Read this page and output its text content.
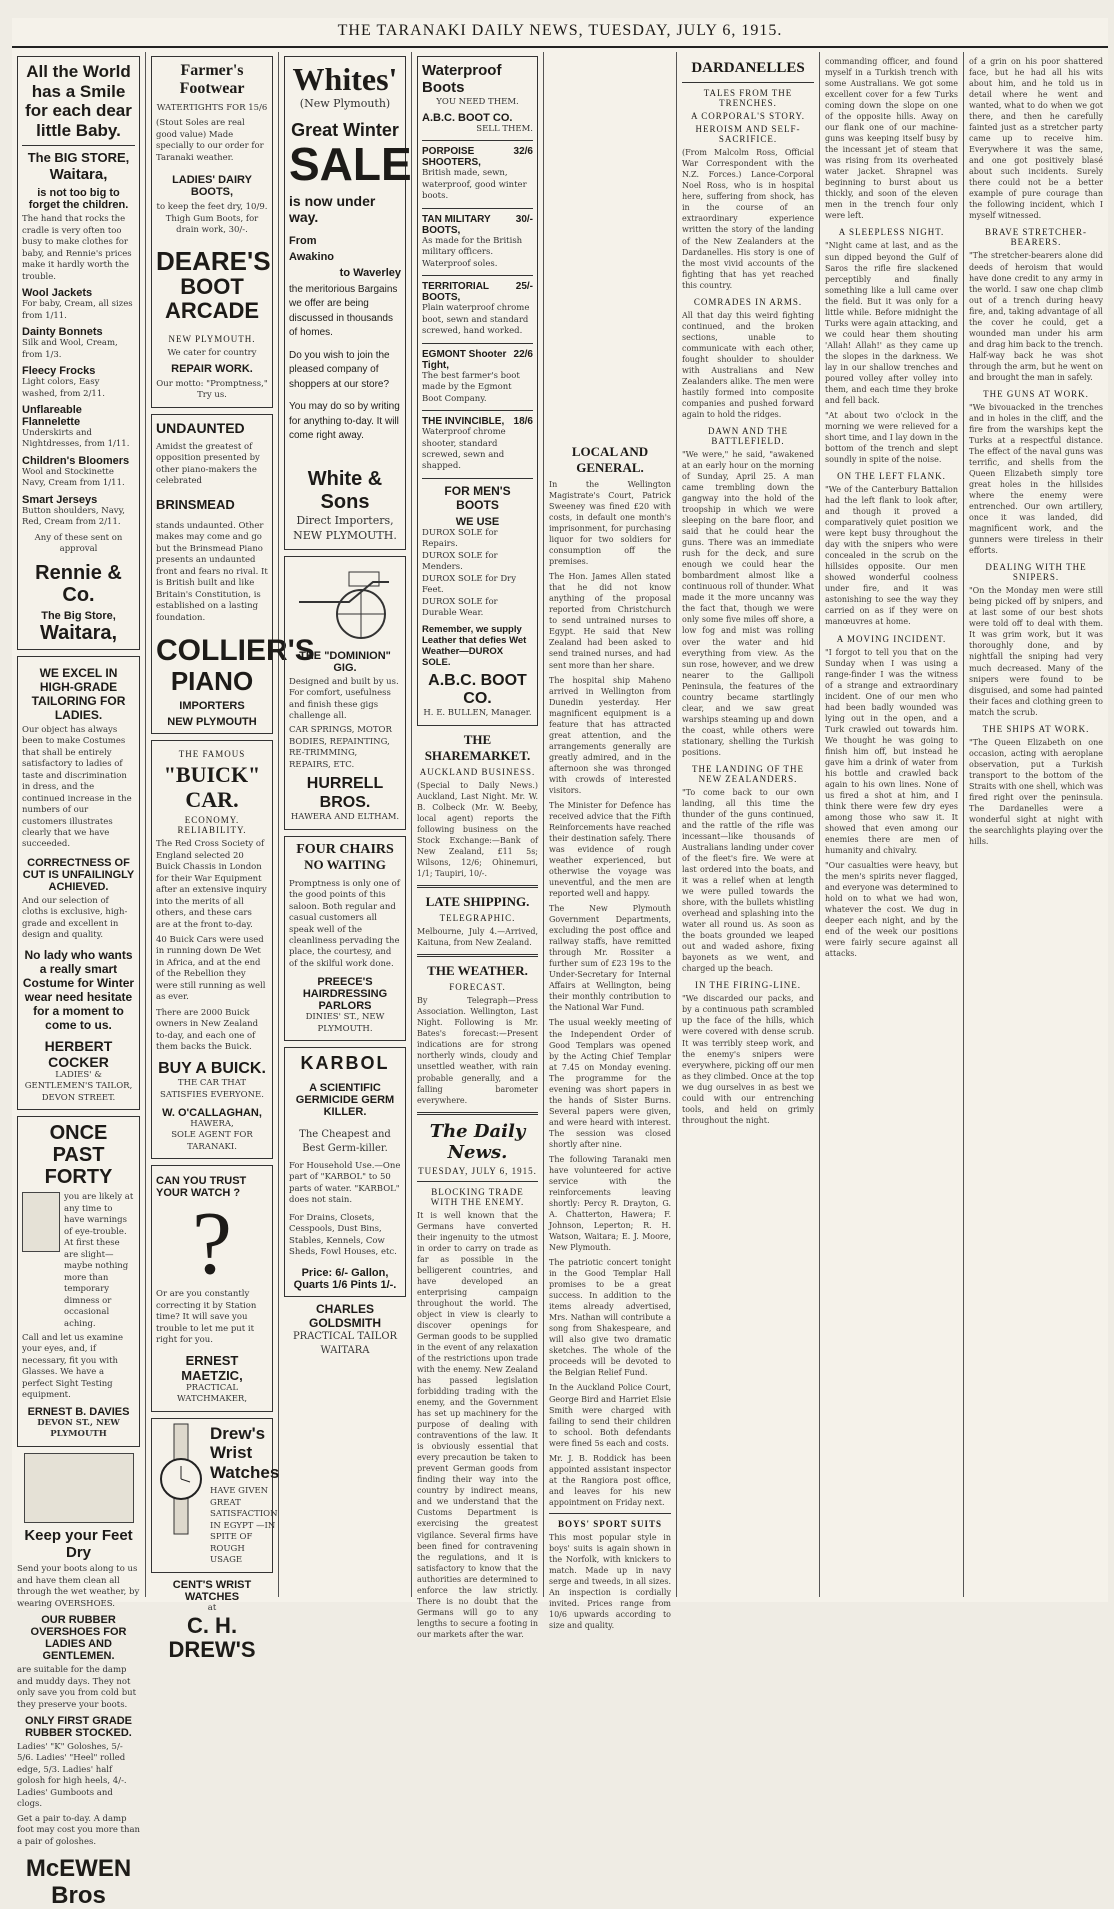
THE TARANAKI DAILY NEWS, TUESDAY, JULY 6, 1915.
All the World has a Smile for each dear little Baby.
The BIG STORE,
Waitara,
is not too big to forget the children.
The hand that rocks the cradle is very often too busy to make clothes for baby, and Rennie's prices make it hardly worth the trouble.
Wool Jackets
For baby, Cream, all sizes from 1/11.
Dainty Bonnets
Silk and Wool, Cream, from 1/3.
Fleecy Frocks
Light colors, Easy washed, from 2/11.
Unflareable Flannelette
Underskirts and Nightdresses, from 1/11.
Children's Bloomers
Wool and Stockinette Navy, Cream from 1/11.
Smart Jerseys
Button shoulders, Navy, Red, Cream from 2/11.
Any of these sent on approval
Rennie & Co.
The Big Store,
Waitara,
WE EXCEL IN HIGH-GRADE TAILORING FOR LADIES.
Our object has always been to make Costumes that shall be entirely satisfactory to ladies of taste and discrimination in dress, and the continued increase in the numbers of our customers illustrates clearly that we have succeeded.
CORRECTNESS OF CUT IS UNFAILINGLY ACHIEVED.
And our selection of cloths is exclusive, high-grade and excellent in design and quality.
No lady who wants a really smart Costume for Winter wear need hesitate for a moment to come to us.
HERBERT COCKER
LADIES' & GENTLEMEN'S TAILOR, DEVON STREET.
ONCE PAST FORTY
you are likely at any time to have warnings of eye-trouble. At first these are slight—maybe nothing more than temporary dimness or occasional aching.
Call and let us examine your eyes, and, if necessary, fit you with Glasses. We have a perfect Sight Testing equipment.
ERNEST B. DAVIES
DEVON ST., NEW PLYMOUTH
Keep your Feet Dry
Send your boots along to us and have them clean all through the wet weather, by wearing OVERSHOES.
OUR RUBBER OVERSHOES FOR LADIES AND GENTLEMEN.
are suitable for the damp and muddy days. They not only save you from cold but they preserve your boots.
ONLY FIRST GRADE RUBBER STOCKED.
Ladies' "K" Goloshes, 5/- 5/6. Ladies' "Heel" rolled edge, 5/3. Ladies' half golosh for high heels, 4/-. Ladies' Gumboots and clogs.
Get a pair to-day. A damp foot may cost you more than a pair of goloshes.
McEWEN Bros
Farmer's Footwear
WATERTIGHTS FOR 15/6
(Stout Soles are real good value) Made specially to our order for Taranaki weather.
LADIES' DAIRY BOOTS,
to keep the feet dry, 10/9. Thigh Gum Boots, for drain work, 30/-.
DEARE'S
BOOT ARCADE
NEW PLYMOUTH.
We cater for country
REPAIR WORK.
Our motto: "Promptness," Try us.
UNDAUNTED
Amidst the greatest of opposition presented by other piano-makers the celebrated
BRINSMEAD
stands undaunted. Other makes may come and go but the Brinsmead Piano presents an undaunted front and fears no rival. It is British built and like Britain's Constitution, is established on a lasting foundation.
COLLIER'S
PIANO
IMPORTERS
NEW PLYMOUTH
THE FAMOUS
"BUICK" CAR.
ECONOMY. RELIABILITY.
The Red Cross Society of England selected 20 Buick Chassis in London for their War Equipment after an extensive inquiry into the merits of all others, and these cars are at the front to-day.
40 Buick Cars were used in running down De Wet in Africa, and at the end of the Rebellion they were still running as well as ever.
There are 2000 Buick owners in New Zealand to-day, and each one of them backs the Buick.
BUY A BUICK.
THE CAR THAT SATISFIES EVERYONE.
W. O'CALLAGHAN,
HAWERA,
SOLE AGENT FOR TARANAKI.
CAN YOU TRUST YOUR WATCH ?
?
Or are you constantly correcting it by Station time? It will save you trouble to let me put it right for you.
ERNEST MAETZIC,
PRACTICAL WATCHMAKER,
Drew's Wrist Watches
HAVE GIVEN GREAT SATISFACTION IN EGYPT —IN SPITE OF ROUGH USAGE
CENT'S WRIST WATCHES
at
C. H. DREW'S
Whites'
(New Plymouth)
Great Winter
SALE
is now under way.
From
Awakino
to Waverley
the meritorious Bargains we offer are being discussed in thousands of homes.
Do you wish to join the pleased company of shoppers at our store?
You may do so by writing for anything to-day. It will come right away.
White & Sons
Direct Importers,
NEW PLYMOUTH.
THE "DOMINION" GIG.
Designed and built by us. For comfort, usefulness and finish these gigs challenge all.
CAR SPRINGS, MOTOR BODIES, REPAINTING, RE-TRIMMING, REPAIRS, ETC.
HURRELL BROS.
HAWERA AND ELTHAM.
FOUR CHAIRS
NO WAITING
Promptness is only one of the good points of this saloon. Both regular and casual customers all speak well of the cleanliness pervading the place, the courtesy, and of the skilful work done.
PREECE'S HAIRDRESSING PARLORS
DINIES' ST., NEW PLYMOUTH.
KARBOL
A SCIENTIFIC GERMICIDE GERM KILLER.
The Cheapest and Best Germ-killer.
For Household Use.—One part of "KARBOL" to 50 parts of water. "KARBOL" does not stain.
For Drains, Closets, Cesspools, Dust Bins, Stables, Kennels, Cow Sheds, Fowl Houses, etc.
Price: 6/- Gallon, Quarts 1/6 Pints 1/-.
CHARLES GOLDSMITH
PRACTICAL TAILOR
WAITARA
Waterproof Boots
YOU NEED THEM.
A.B.C. BOOT CO.
SELL THEM.
PORPOISE SHOOTERS,
32/6
British made, sewn, waterproof, good winter boots.
TAN MILITARY BOOTS,
30/-
As made for the British military officers. Waterproof soles.
TERRITORIAL BOOTS,
25/-
Plain waterproof chrome boot, sewn and standard screwed, hand worked.
EGMONT Shooter Tight,
22/6
The best farmer's boot made by the Egmont Boot Company.
THE INVINCIBLE, 18/6
Waterproof chrome shooter, standard screwed, sewn and shapped.
FOR MEN'S BOOTS
WE USE
DUROX SOLE for Repairs.
DUROX SOLE for Menders.
DUROX SOLE for Dry Feet.
DUROX SOLE for Durable Wear.
Remember, we supply Leather that defies Wet Weather—DUROX SOLE.
A.B.C. BOOT CO.
H. E. BULLEN, Manager.
THE SHAREMARKET.
AUCKLAND BUSINESS.
(Special to Daily News.) Auckland, Last Night. Mr. W. B. Colbeck (Mr. W. Beeby, local agent) reports the following business on the Stock Exchange:—Bank of New Zealand, £11 5s; Wilsons, 12/6; Ohinemuri, 1/1; Taupiri, 10/-.
LATE SHIPPING.
TELEGRAPHIC.
Melbourne, July 4.—Arrived, Kaituna, from New Zealand.
THE WEATHER.
FORECAST.
By Telegraph—Press Association. Wellington, Last Night. Following is Mr. Bates's forecast:—Present indications are for strong northerly winds, cloudy and unsettled weather, with rain probable generally, and a falling barometer everywhere.
The Daily News.
TUESDAY, JULY 6, 1915.
BLOCKING TRADE WITH THE ENEMY.
It is well known that the Germans have converted their ingenuity to the utmost in order to carry on trade as far as possible in the belligerent countries, and have developed an enterprising campaign throughout the world. The object in view is clearly to discover openings for German goods to be supplied in the event of any relaxation of the restrictions upon trade with the enemy. New Zealand has passed legislation forbidding trading with the enemy, and the Government has set up machinery for the purpose of dealing with contraventions of the law. It is obviously essential that every precaution be taken to prevent German goods from finding their way into the country by indirect means, and we understand that the Customs Department is exercising the greatest vigilance. Several firms have been fined for contravening the regulations, and it is satisfactory to know that the authorities are determined to enforce the law strictly. There is no doubt that the Germans will go to any lengths to secure a footing in our markets after the war.
LOCAL AND GENERAL.
In the Wellington Magistrate's Court, Patrick Sweeney was fined £20 with costs, in default one month's imprisonment, for purchasing liquor for two soldiers for consumption off the premises.
The Hon. James Allen stated that he did not know anything of the proposal reported from Christchurch to send untrained nurses to Egypt. He said that New Zealand had been asked to send trained nurses, and had sent more than her share.
The hospital ship Maheno arrived in Wellington from Dunedin yesterday. Her magnificent equipment is a feature that has attracted great attention, and the arrangements generally are greatly admired, and in the afternoon she was thronged with crowds of interested visitors.
The Minister for Defence has received advice that the Fifth Reinforcements have reached their destination safely. There was evidence of rough weather experienced, but otherwise the voyage was uneventful, and the men are reported well and happy.
The New Plymouth Government Departments, excluding the post office and railway staffs, have remitted through Mr. Rossiter a further sum of £23 19s to the Under-Secretary for Internal Affairs at Wellington, being their monthly contribution to the National War Fund.
The usual weekly meeting of the Independent Order of Good Templars was opened by the Acting Chief Templar at 7.45 on Monday evening. The programme for the evening was short papers in the hands of Sister Burns. Several papers were given, and were heard with interest. The session was closed shortly after nine.
The following Taranaki men have volunteered for active service with the reinforcements leaving shortly: Percy R. Drayton, G. A. Chatterton, Hawera; F. Johnson, Leperton; R. H. Watson, Waitara; E. J. Moore, New Plymouth.
The patriotic concert tonight in the Good Templar Hall promises to be a great success. In addition to the items already advertised, Mrs. Nathan will contribute a song from Shakespeare, and will also give two dramatic sketches. The whole of the proceeds will be devoted to the Belgian Relief Fund.
In the Auckland Police Court, George Bird and Harriet Elsie Smith were charged with failing to send their children to school. Both defendants were fined 5s each and costs.
Mr. J. B. Roddick has been appointed assistant inspector at the Rangiora post office, and leaves for his new appointment on Friday next.
BOYS' SPORT SUITS
This most popular style in boys' suits is again shown in the Norfolk, with knickers to match. Made up in navy serge and tweeds, in all sizes. An inspection is cordially invited. Prices range from 10/6 upwards according to size and quality.
DARDANELLES
TALES FROM THE TRENCHES.
A CORPORAL'S STORY.
HEROISM AND SELF-SACRIFICE.
(From Malcolm Ross, Official War Correspondent with the N.Z. Forces.) Lance-Corporal Noel Ross, who is in hospital here, suffering from shock, has in the course of an extraordinary experience written the story of the landing of the New Zealanders at the Dardanelles. His story is one of the most vivid accounts of the fighting that has yet reached this country.
COMRADES IN ARMS.
All that day this weird fighting continued, and the broken sections, unable to communicate with each other, fought shoulder to shoulder with Australians and New Zealanders alike. The men were hastily formed into composite companies and pushed forward again to hold the ridges.
DAWN AND THE BATTLEFIELD.
"We were," he said, "awakened at an early hour on the morning of Sunday, April 25. A man came trembling down the gangway into the hold of the troopship in which we were sleeping on the bare floor, and said that he could hear the guns. There was an immediate rush for the deck, and sure enough we could hear the bombardment almost like a continuous roll of thunder. What made it the more uncanny was the fact that, though we were only some five miles off shore, a low fog and mist was rolling over the water and hid everything from view. As the sun rose, however, and we drew nearer to the Gallipoli Peninsula, the features of the country became startlingly clear, and we saw great warships steaming up and down the coast, while others were stationary, shelling the Turkish positions.
THE LANDING OF THE NEW ZEALANDERS.
"To come back to our own landing, all this time the thunder of the guns continued, and the rattle of the rifle was incessant—like thousands of Australians landing under cover of the fleet's fire. We were at last ordered into the boats, and it was a relief when at length we were pulled towards the shore, with the bullets whistling overhead and splashing into the water all round us. As soon as the boats grounded we leaped out and waded ashore, fixing bayonets as we went, and charged up the beach.
IN THE FIRING-LINE.
"We discarded our packs, and by a continuous path scrambled up the face of the hills, which were covered with dense scrub. It was terribly steep work, and the enemy's snipers were everywhere, picking off our men as they climbed. Once at the top we dug ourselves in as best we could with our entrenching tools, and held on grimly throughout the night.
commanding officer, and found myself in a Turkish trench with some Australians. We got some excellent cover for a few Turks coming down the slope on one of the opposite hills. Away on our flank one of our machine-guns was keeping itself busy by the incessant jet of steam that was rising from its overheated water jacket. Shrapnel was beginning to burst about us thickly, and soon of the eleven men in the trench four only were left.
A SLEEPLESS NIGHT.
"Night came at last, and as the sun dipped beyond the Gulf of Saros the rifle fire slackened perceptibly and finally something like a lull came over the field. But it was only for a little while. Before midnight the Turks were again attacking, and we could hear them shouting 'Allah! Allah!' as they came up the slopes in the darkness. We lay in our shallow trenches and poured volley after volley into them, and each time they broke and fell back.
"At about two o'clock in the morning we were relieved for a short time, and I lay down in the bottom of the trench and slept soundly in spite of the noise.
ON THE LEFT FLANK.
"We of the Canterbury Battalion had the left flank to look after, and though it proved a comparatively quiet position we were kept busy throughout the day with the snipers who were concealed in the scrub on the hillsides opposite. Our men showed wonderful coolness under fire, and it was astonishing to see the way they carried on as if they were on manœuvres at home.
A MOVING INCIDENT.
"I forgot to tell you that on the Sunday when I was using a range-finder I was the witness of a strange and extraordinary incident. One of our men who had been badly wounded was lying out in the open, and a Turk crawled out towards him. We thought he was going to finish him off, but instead he gave him a drink of water from his bottle and crawled back again to his own lines. None of us fired a shot at him, and I think there were few dry eyes among those who saw it. It showed that even among our enemies there are men of humanity and chivalry.
"Our casualties were heavy, but the men's spirits never flagged, and everyone was determined to hold on to what we had won, whatever the cost. We dug in deeper each night, and by the end of the week our positions were fairly secure against all attacks.
of a grin on his poor shattered face, but he had all his wits about him, and he told us in detail where he went and wanted, what to do when we got there, and then he carefully fainted just as a stretcher party came up to receive him. Everywhere it was the same, and one got positively blasé about such incidents. Surely there could not be a better example of pure courage than the following incident, which I myself witnessed.
BRAVE STRETCHER-BEARERS.
"The stretcher-bearers alone did deeds of heroism that would have done credit to any army in the world. I saw one chap climb out of a trench during heavy fire, and, taking advantage of all the cover he could, get a wounded man under his arm and drag him back to the trench. Half-way back he was shot through the arm, but he went on and brought the man in safely.
THE GUNS AT WORK.
"We bivouacked in the trenches and in holes in the cliff, and the fire from the warships kept the Turks at a respectful distance. The effect of the naval guns was terrific, and shells from the Queen Elizabeth simply tore great holes in the hillsides where the enemy were entrenched. Our own artillery, once it was landed, did magnificent work, and the gunners were tireless in their efforts.
DEALING WITH THE SNIPERS.
"On the Monday men were still being picked off by snipers, and at last some of our best shots were told off to deal with them. It was grim work, but it was thoroughly done, and by nightfall the sniping had very much decreased. Many of the snipers were found to be disguised, and some had painted their faces and clothing green to match the scrub.
THE SHIPS AT WORK.
"The Queen Elizabeth on one occasion, acting with aeroplane observation, put a Turkish transport to the bottom of the Straits with one shell, which was fired right over the peninsula. The Dardanelles were a wonderful sight at night with the searchlights playing over the hills.
